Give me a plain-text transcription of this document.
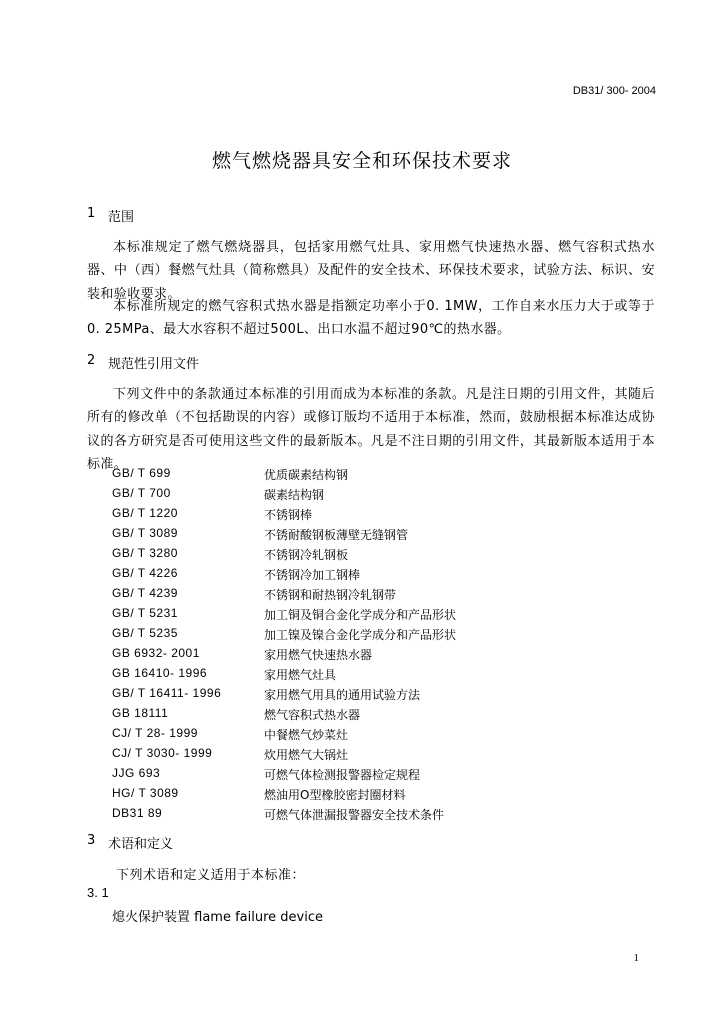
DB31/ 300- 2004
燃气燃烧器具安全和环保技术要求
1 范围

本标准规定了燃气燃烧器具，包括家用燃气灶具、家用燃气快速热水器、燃气容积式热水器、中（西）餐燃气灶具（简称燃具）及配件的安全技术、环保技术要求，试验方法、标识、安装和验收要求。

本标准所规定的燃气容积式热水器是指额定功率小于0. 1MW，工作自来水压力大于或等于0. 25MPa、最大水容积不超过500L、出口水温不超过90℃的热水器。

2 规范性引用文件

下列文件中的条款通过本标准的引用而成为本标准的条款。凡是注日期的引用文件，其随后所有的修改单（不包括勘误的内容）或修订版均不适用于本标准，然而，鼓励根据本标准达成协议的各方研究是否可使用这些文件的最新版本。凡是不注日期的引用文件，其最新版本适用于本标准。

GB/ T 699	优质碳素结构钢
GB/ T 700	碳素结构钢
GB/ T 1220	不锈钢棒
GB/ T 3089	不锈耐酸钢板薄壁无缝钢管
GB/ T 3280	不锈钢冷轧钢板
GB/ T 4226	不锈钢冷加工钢棒
GB/ T 4239	不锈钢和耐热钢冷轧钢带
GB/ T 5231	加工铜及铜合金化学成分和产品形状
GB/ T 5235	加工镍及镍合金化学成分和产品形状
GB 6932- 2001	家用燃气快速热水器
GB 16410- 1996	家用燃气灶具
GB/ T 16411- 1996	家用燃气用具的通用试验方法
GB 18111	燃气容积式热水器
CJ/ T 28- 1999	中餐燃气炒菜灶
CJ/ T 3030- 1999	炊用燃气大锅灶
JJG 693	可燃气体检测报警器检定规程
HG/ T 3089	燃油用O型橡胶密封圈材料
DB31 89	可燃气体泄漏报警器安全技术条件
3 术语和定义
下列术语和定义适用于本标准：
3. 1
熄火保护装置 flame failure device
1
